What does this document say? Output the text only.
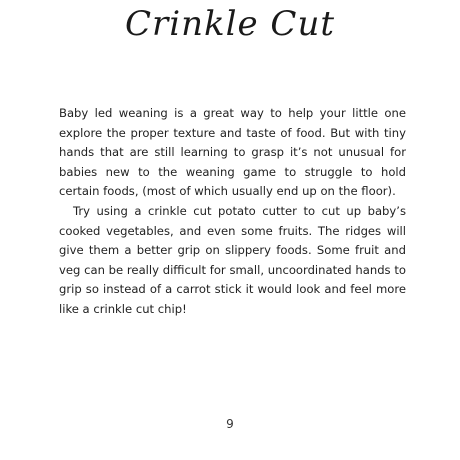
Crinkle Cut

Baby led weaning is a great way to help your little one explore the proper texture and taste of food. But with tiny hands that are still learning to grasp it’s not unusual for babies new to the weaning game to struggle to hold certain foods, (most of which usually end up on the floor).

Try using a crinkle cut potato cutter to cut up baby’s cooked vegetables, and even some fruits. The ridges will give them a better grip on slippery foods. Some fruit and veg can be really difficult for small, uncoordinated hands to grip so instead of a carrot stick it would look and feel more like a crinkle cut chip!

9
